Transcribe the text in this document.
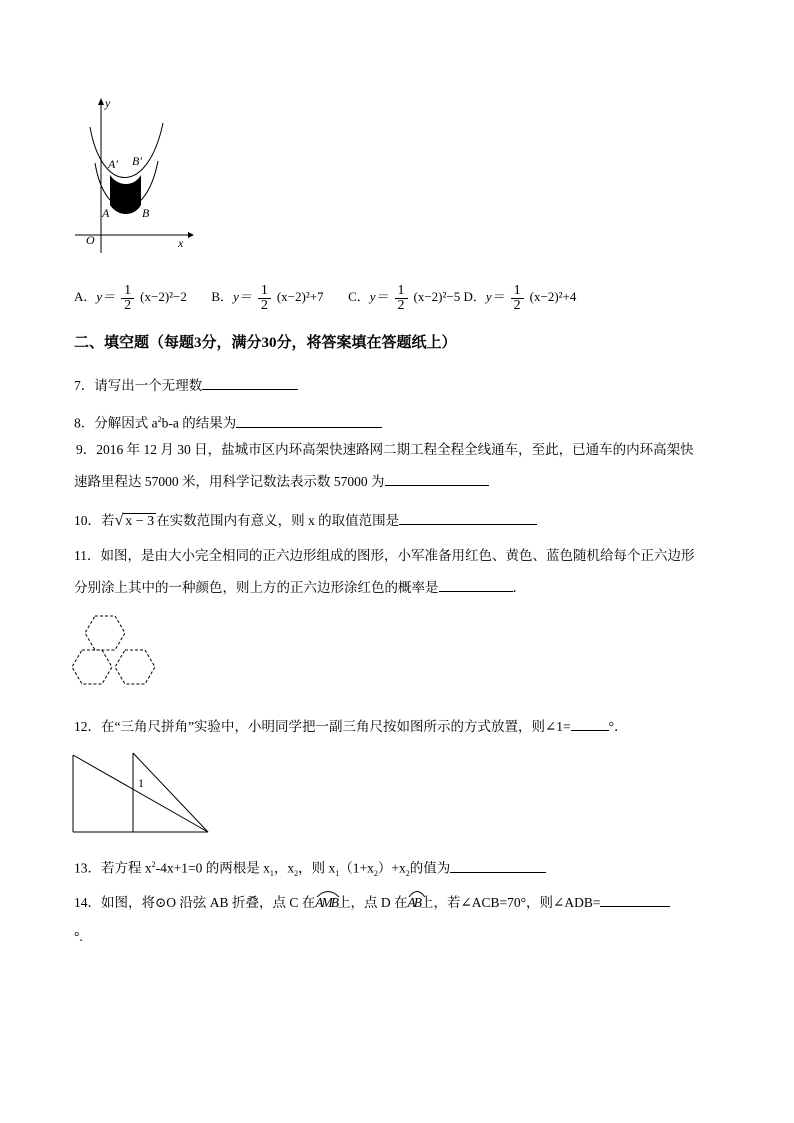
y
x
O
A	B
A′ B′
A．$y= \frac{1}{2} (x-2)^2-2$ B．$y= \frac{1}{2} (x-2)^2+7$ C．$y= \frac{1}{2} (x-2)^2-5$ D．$y= \frac{1}{2} (x-2)^2+4$
二、填空题（每题3分，满分30分，将答案填在答题纸上）
7．请写出一个无理数
8．分解因式 $a^2b-a$ 的结果为
9．2016 年 12 月 30 日，盐城市区内环高架快速路网二期工程全程全线通车，至此，已通车的内环高架快
速路里程达 57000 米，用科学记数法表示数 57000 为
10．若√ x − 3 在实数范围内有意义，则 x 的取值范围是
11．如图，是由大小完全相同的正六边形组成的图形，小军准备用红色、黄色、蓝色随机给每个正六边形
分别涂上其中的一种颜色，则上方的正六边形涂红色的概率是	．
12．在“三角尺拼角”实验中，小明同学把一副三角尺按如图所示的方式放置，则∠1=	°．
1
13．若方程 $x^2-4x+1=0$ 的两根是 $x_1$，$x_2$，则 $x_1(1+x_2)+x_2$的值为
14．如图，将⊙O 沿弦 AB 折叠，点 C 在AMB
上，点 D 在AB
上，若∠ACB=70°，则∠ADB=
°.
